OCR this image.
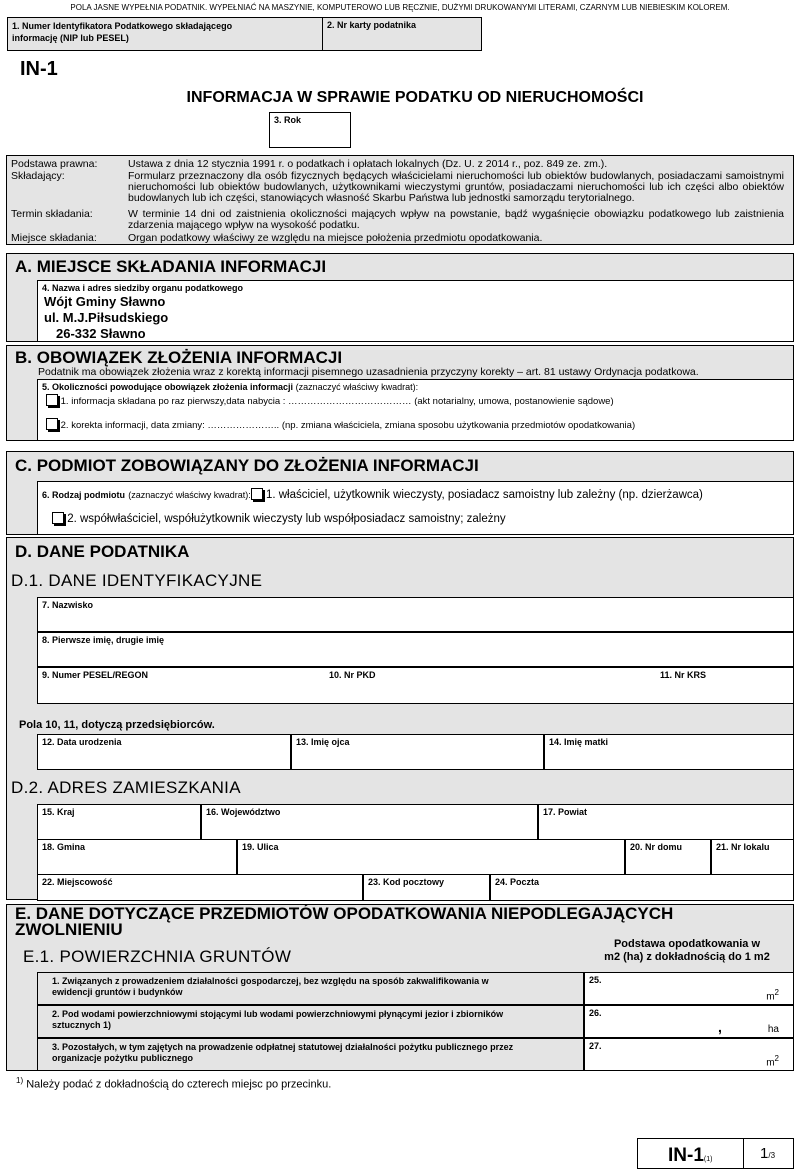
POLA JASNE WYPEŁNIA PODATNIK. WYPEŁNIAĆ NA MASZYNIE, KOMPUTEROWO LUB RĘCZNIE, DUŻYMI DRUKOWANYMI LITERAMI, CZARNYM LUB NIEBIESKIM KOLOREM.
1. Numer Identyfikatora Podatkowego składającego
informację (NIP lub PESEL)
2. Nr karty podatnika
IN-1
INFORMACJA W SPRAWIE PODATKU OD NIERUCHOMOŚCI
3. Rok
Podstawa prawna:	Ustawa z dnia 12 stycznia 1991 r. o podatkach i opłatach lokalnych (Dz. U. z 2014 r., poz. 849 ze. zm.).
Składający:	Formularz przeznaczony dla osób fizycznych będących właścicielami nieruchomości lub obiektów budowlanych, posiadaczami samoistnymi nieruchomości lub obiektów budowlanych, użytkownikami wieczystymi gruntów, posiadaczami nieruchomości lub ich części albo obiektów budowlanych lub ich części, stanowiących własność Skarbu Państwa lub jednostki samorządu terytorialnego.
Termin składania:	W terminie 14 dni od zaistnienia okoliczności mających wpływ na powstanie, bądź wygaśnięcie obowiązku podatkowego lub zaistnienia zdarzenia mającego wpływ na wysokość podatku.
Miejsce składania:	Organ podatkowy właściwy ze względu na miejsce położenia przedmiotu opodatkowania.
A. MIEJSCE SKŁADANIA INFORMACJI
4. Nazwa i adres siedziby organu podatkowego
Wójt Gminy Sławno
ul. M.J.Piłsudskiego
26-332 Sławno
B. OBOWIĄZEK ZŁOŻENIA INFORMACJI
Podatnik ma obowiązek złożenia wraz z korektą informacji pisemnego uzasadnienia przyczyny korekty – art. 81 ustawy Ordynacja podatkowa.
5. Okoliczności powodujące obowiązek złożenia informacji (zaznaczyć właściwy kwadrat):
1. informacja składana po raz pierwszy,data nabycia : ………………………………… (akt notarialny, umowa, postanowienie sądowe)
2. korekta informacji, data zmiany: ………………….. (np. zmiana właściciela, zmiana sposobu użytkowania przedmiotów opodatkowania)
C. PODMIOT ZOBOWIĄZANY DO ZŁOŻENIA INFORMACJI
6. Rodzaj podmiotu (zaznaczyć właściwy kwadrat): 1. właściciel, użytkownik wieczysty, posiadacz samoistny lub zależny (np. dzierżawca)
2. współwłaściciel, współużytkownik wieczysty lub współposiadacz samoistny; zależny
D. DANE PODATNIKA
D.1. DANE IDENTYFIKACYJNE
7. Nazwisko
8. Pierwsze imię, drugie imię
9. Numer PESEL/REGON	10. Nr PKD	11. Nr KRS
Pola 10, 11, dotyczą przedsiębiorców.
12. Data urodzenia	13. Imię ojca	14. Imię matki
D.2. ADRES ZAMIESZKANIA
15. Kraj	16. Województwo	17. Powiat
18. Gmina	19. Ulica	20. Nr domu	21. Nr lokalu
22. Miejscowość	23. Kod pocztowy	24. Poczta
E. DANE DOTYCZĄCE PRZEDMIOTÓW OPODATKOWANIA NIEPODLEGAJĄCYCH
ZWOLNIENIU
E.1. POWIERZCHNIA GRUNTÓW
Podstawa opodatkowania w
m2 (ha) z dokładnością do 1 m2
1. Związanych z prowadzeniem działalności gospodarczej, bez względu na sposób zakwalifikowania w
ewidencji gruntów i budynków
25.
$m^2$
2. Pod wodami powierzchniowymi stojącymi lub wodami powierzchniowymi płynącymi jezior i zbiorników
sztucznych 1)
26.
,	ha
3. Pozostałych, w tym zajętych na prowadzenie odpłatnej statutowej działalności pożytku publicznego przez
organizacje pożytku publicznego
27.
$m^2$
$^{1)}$ Należy podać z dokładnością do czterech miejsc po przecinku.
IN-1(1)	1/3
